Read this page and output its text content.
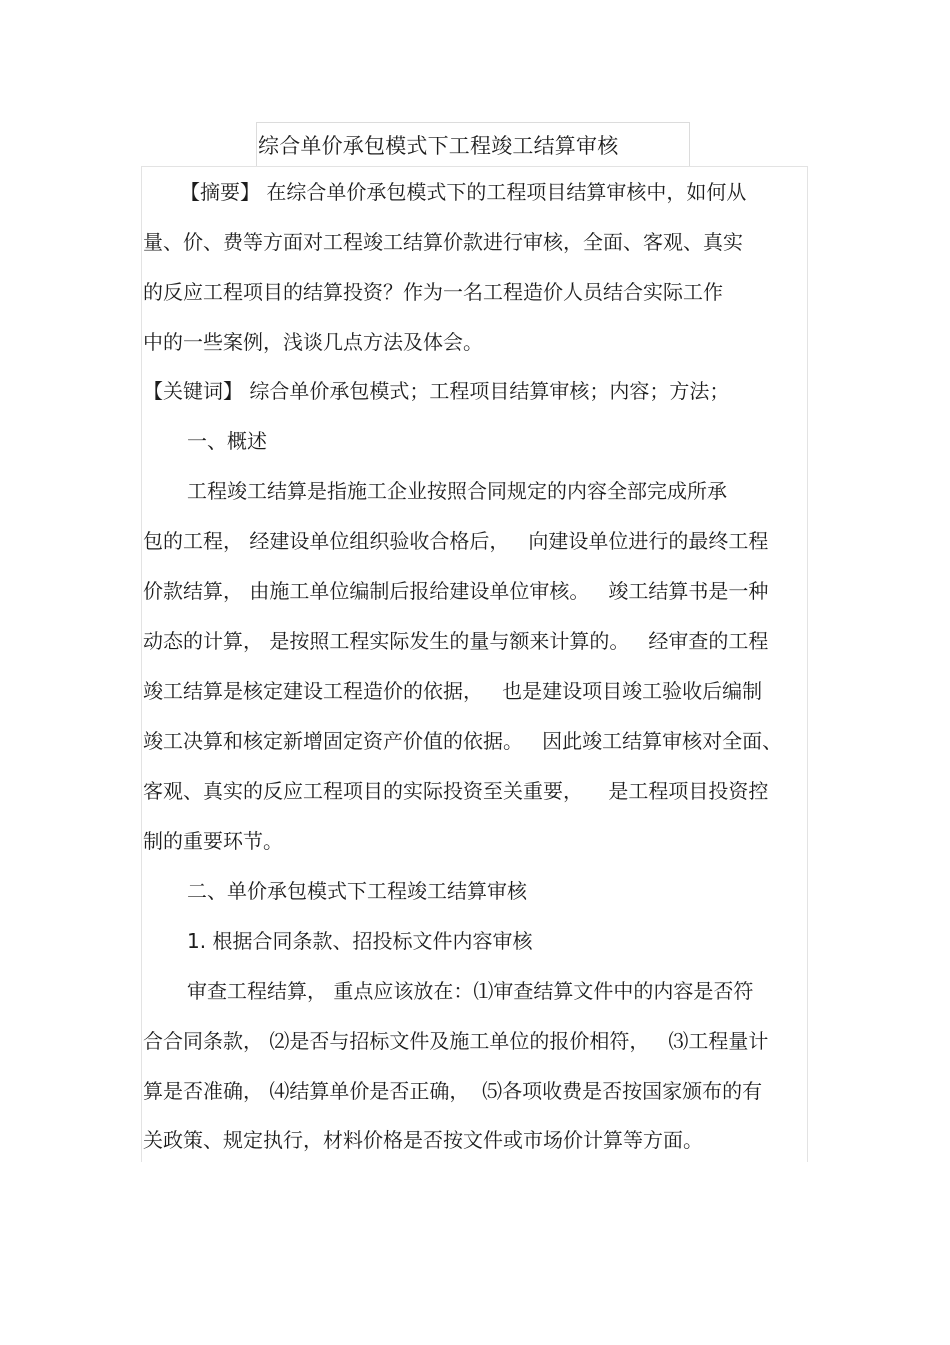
综合单价承包模式下工程竣工结算审核
【摘要】 在综合单价承包模式下的工程项目结算审核中，如何从
量、价、费等方面对工程竣工结算价款进行审核，全面、客观、真实
的反应工程项目的结算投资？作为一名工程造价人员结合实际工作
中的一些案例，浅谈几点方法及体会。
【关键词】 综合单价承包模式；工程项目结算审核；内容；方法；
一、概述
工程竣工结算是指施工企业按照合同规定的内容全部完成所承
包的工程， 经建设单位组织验收合格后，   向建设单位进行的最终工程
价款结算， 由施工单位编制后报给建设单位审核。   竣工结算书是一种
动态的计算， 是按照工程实际发生的量与额来计算的。   经审查的工程
竣工结算是核定建设工程造价的依据，   也是建设项目竣工验收后编制
竣工决算和核定新增固定资产价值的依据。   因此竣工结算审核对全面、
客观、真实的反应工程项目的实际投资至关重要，    是工程项目投资控
制的重要环节。
二、单价承包模式下工程竣工结算审核
1. 根据合同条款、招投标文件内容审核
审查工程结算， 重点应该放在：⑴审查结算文件中的内容是否符
合合同条款， ⑵是否与招标文件及施工单位的报价相符，   ⑶工程量计
算是否准确， ⑷结算单价是否正确，  ⑸各项收费是否按国家颁布的有
关政策、规定执行，材料价格是否按文件或市场价计算等方面。
